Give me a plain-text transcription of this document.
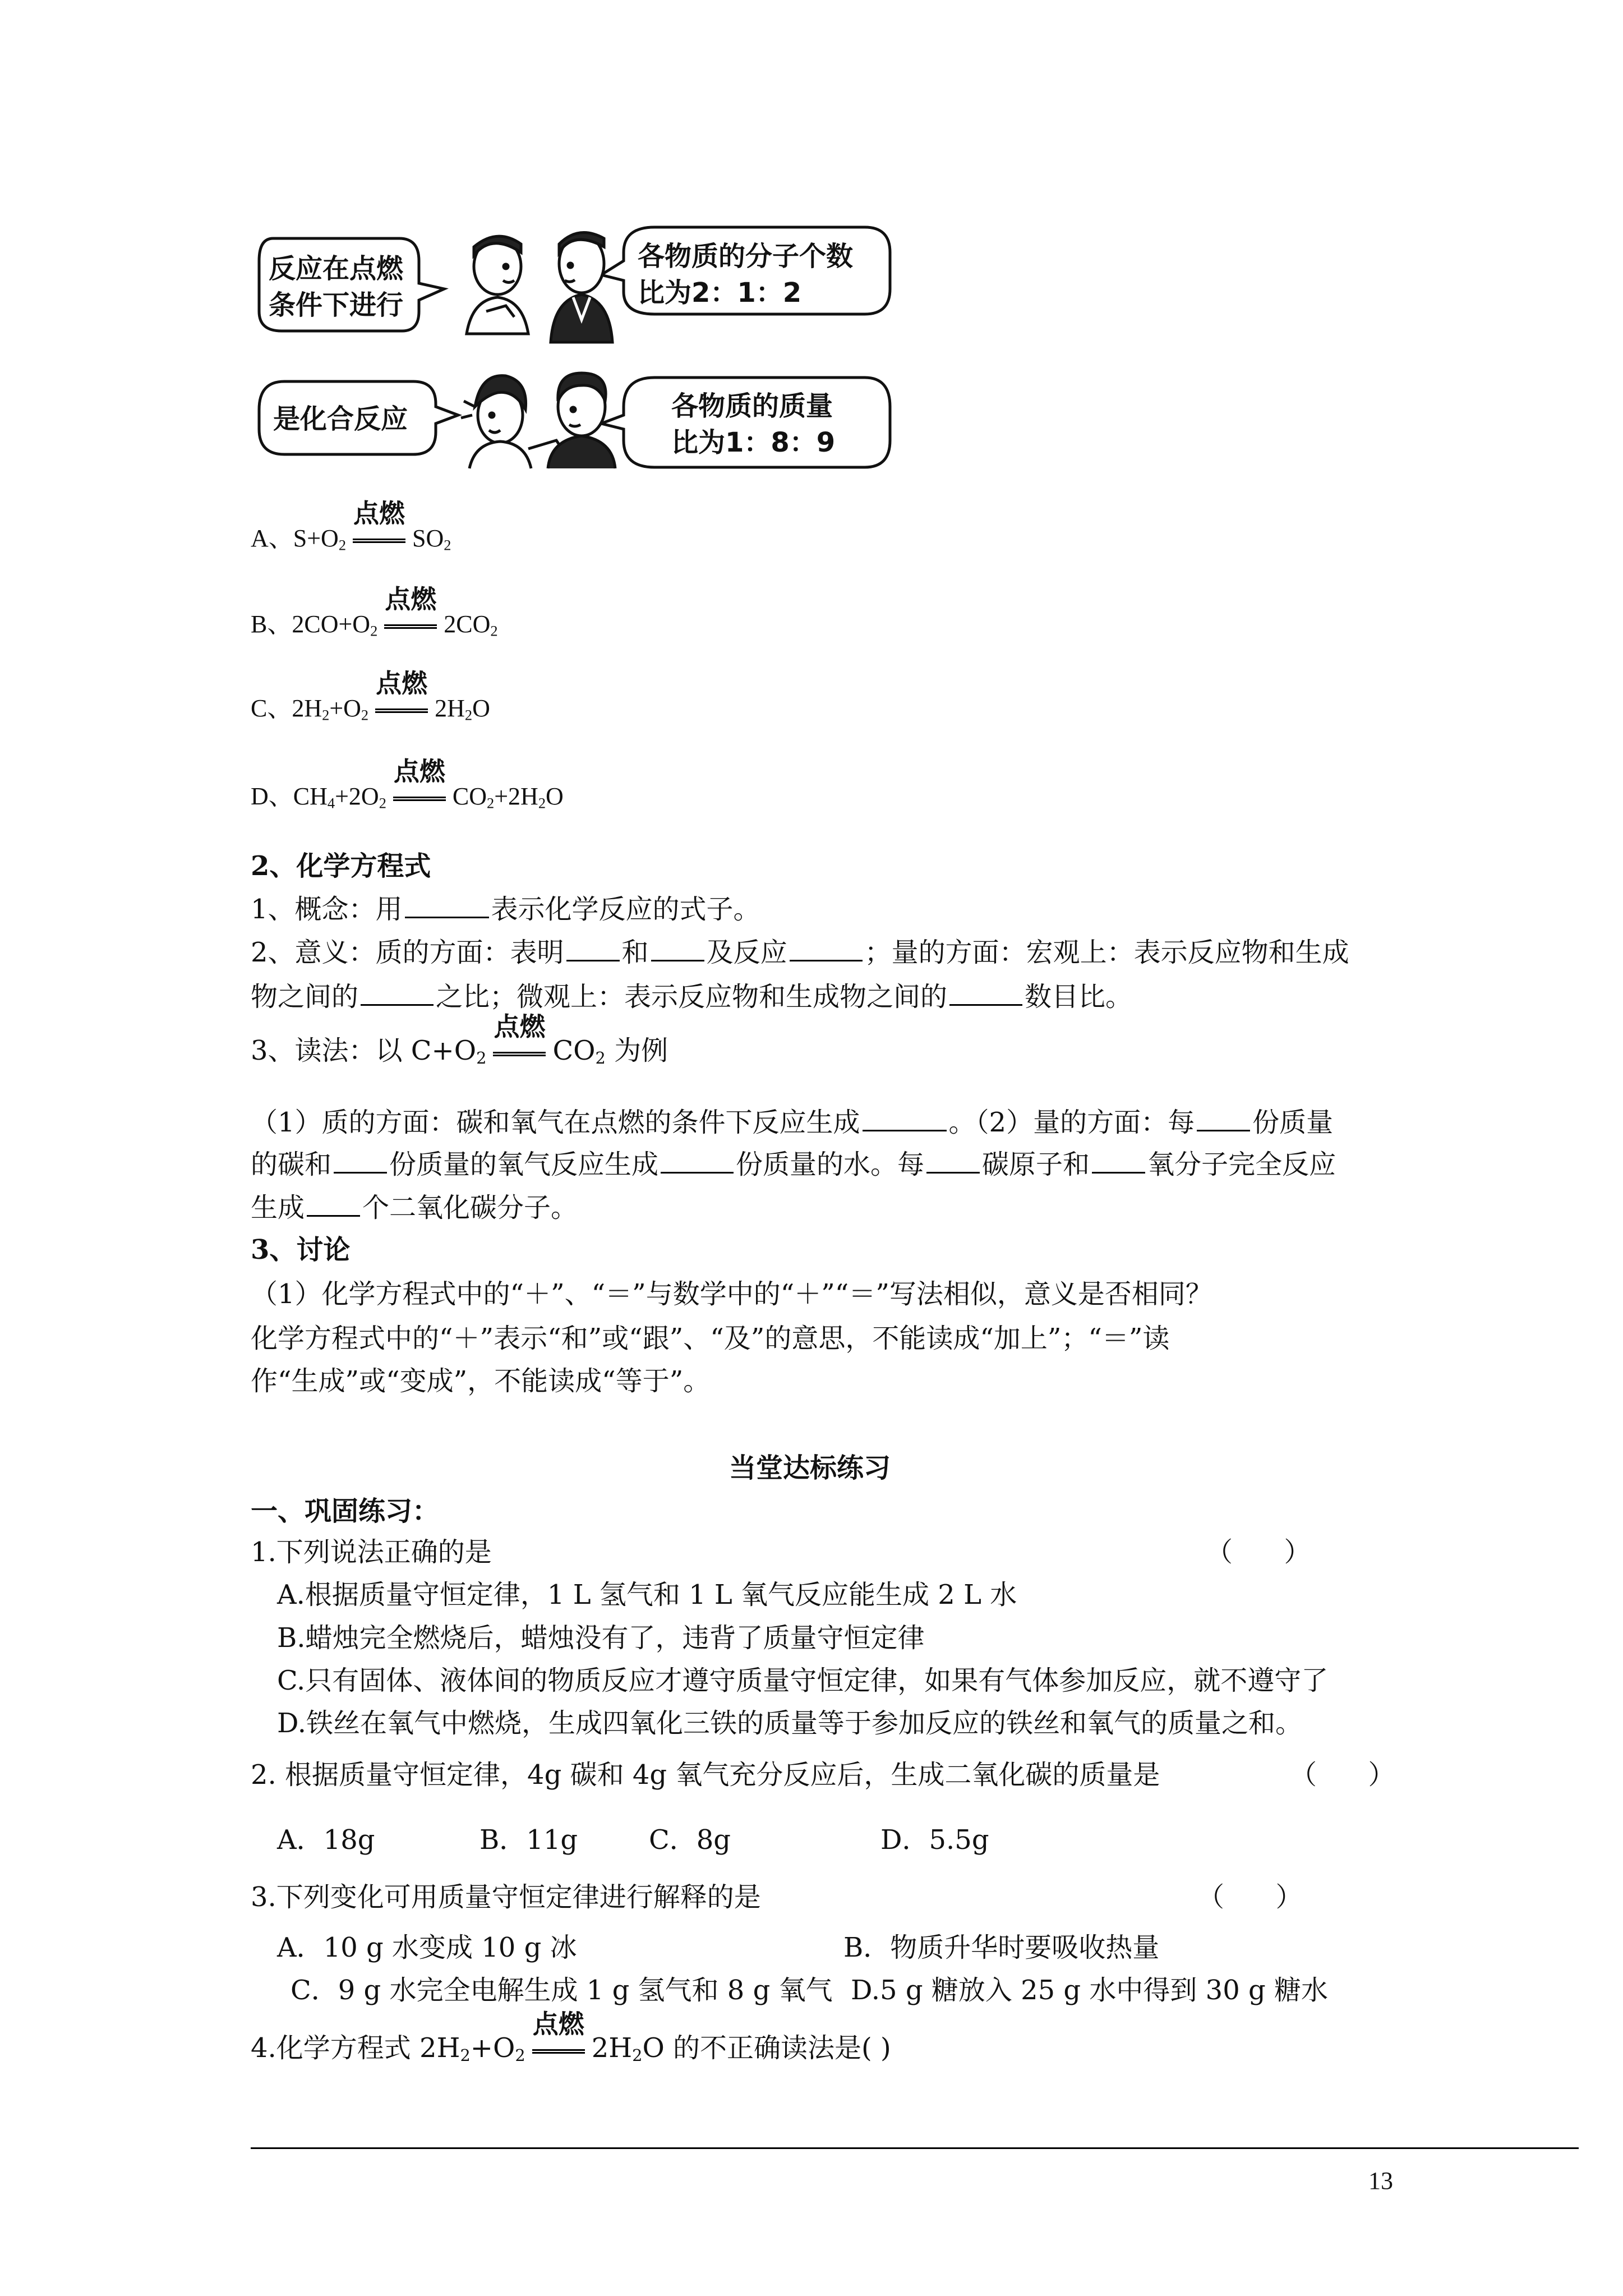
反应在点燃
条件下进行
各物质的分子个数
比为2：1：2
是化合反应	各物质的质量
比为1：8：9
A、$S+O_2$
点燃
$SO_2$
B、$2CO+O_2$
点燃
$2CO_2$
C、$2H_2+O_2$
点燃
$2H_2O$
D、$CH_4+2O_2$
点燃
$CO_2+2H_2O$
2、化学方程式
1、概念：用	表示化学反应的式子。
2、意义：质的方面：表明 和 及反应	；量的方面：宏观上：表示反应物和生成
物之间的	之比；微观上：表示反应物和生成物之间的	数目比。
3、读法：以 $C+O_2$
点燃
$CO_2$ 为例
（1）质的方面：碳和氧气在点燃的条件下反应生成	。（2）量的方面：每 份质量
的碳和 份质量的氧气反应生成	份质量的水。每 碳原子和 氧分子完全反应
生成 个二氧化碳分子。
3、讨论
（1）化学方程式中的“＋”、“＝”与数学中的“＋”“＝”写法相似，意义是否相同？
化学方程式中的“＋”表示“和”或“跟”、“及”的意思，不能读成“加上”；“＝”读
作“生成”或“变成”，不能读成“等于”。
当堂达标练习
一、巩固练习：
1.下列说法正确的是	（      ）
A.根据质量守恒定律，1 L 氢气和 1 L 氧气反应能生成 2 L 水
B.蜡烛完全燃烧后，蜡烛没有了，违背了质量守恒定律
C.只有固体、液体间的物质反应才遵守质量守恒定律，如果有气体参加反应，就不遵守了
D.铁丝在氧气中燃烧，生成四氧化三铁的质量等于参加反应的铁丝和氧气的质量之和。
2. 根据质量守恒定律，4g 碳和 4g 氧气充分反应后，生成二氧化碳的质量是	（      ）
A．18g	B．11g	C．8g	D．5.5g
3.下列变化可用质量守恒定律进行解释的是	（      ）
A．10 g 水变成 10 g 冰	B．物质升华时要吸收热量
C．9 g 水完全电解生成 1 g 氢气和 8 g 氧气 D.5 g 糖放入 25 g 水中得到 30 g 糖水
4.化学方程式 $2H_2+O_2$
点燃
$2H_2O$ 的不正确读法是( )
13
